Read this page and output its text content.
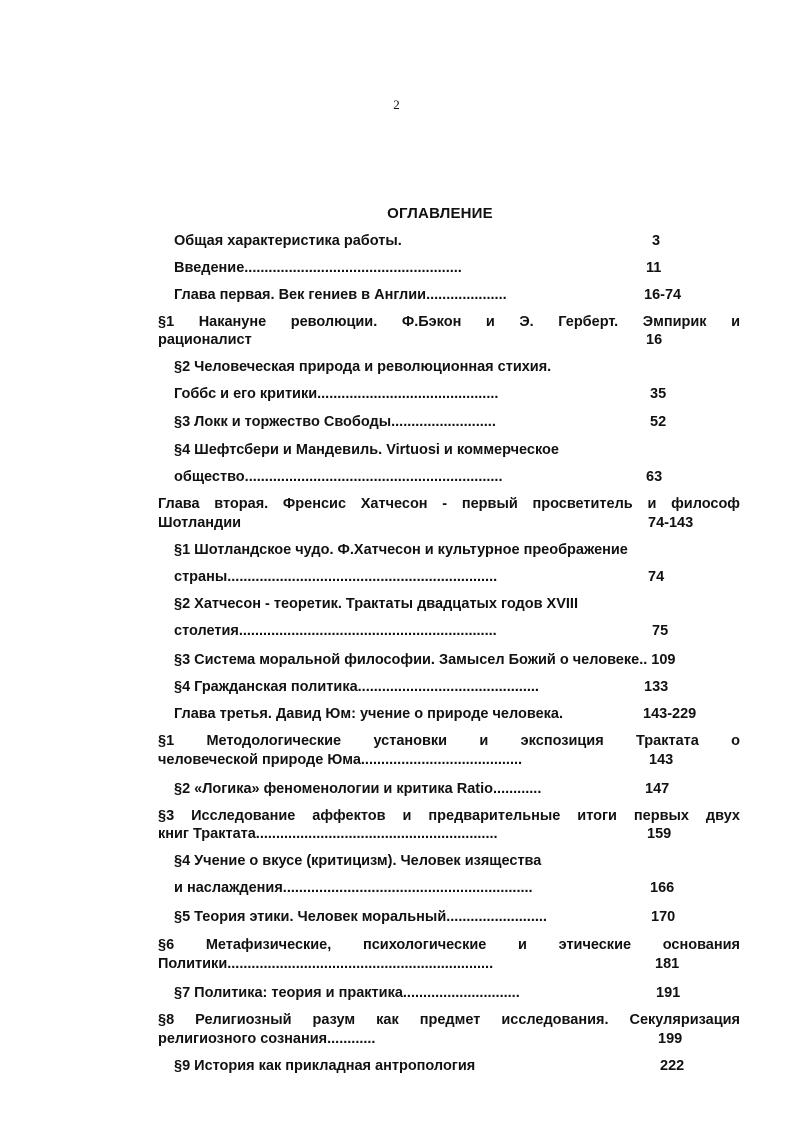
2
ОГЛАВЛЕНИЕ
Общая характеристика работы.	3
Введение......................................................	11
Глава первая. Век гениев в Англии....................	16-74
§1 Накануне революции. Ф.Бэкон и Э. Герберт. Эмпирик и
рационалист	16
§2 Человеческая природа и революционная стихия.
Гоббс и его критики.............................................	35
§3 Локк и торжество Свободы..........................	52
§4 Шефтсбери и Мандевиль. Virtuosi и коммерческое
общество................................................................	63
Глава вторая. Френсис Хатчесон - первый просветитель и философ
Шотландии	74-143
§1 Шотландское чудо. Ф.Хатчесон и культурное преображение
страны...................................................................	74
§2 Хатчесон - теоретик. Трактаты двадцатых годов XVIII
столетия................................................................	75
§3 Система моральной философии. Замысел Божий о человеке.. 109
§4 Гражданская политика.............................................	133
Глава третья. Давид Юм: учение о природе человека.	143-229
§1 Методологические установки и экспозиция Трактата о
человеческой природе Юма........................................	143
§2 «Логика» феноменологии и критика Ratio............	147
§3 Исследование аффектов и предварительные итоги первых двух
книг Трактата............................................................	159
§4 Учение о вкусе (критицизм). Человек изящества
и наслаждения..............................................................	166
§5 Теория этики. Человек моральный.........................	170
§6 Метафизические, психологические и этические основания
Политики..................................................................	181
§7 Политика: теория и практика.............................	191
§8 Религиозный разум как предмет исследования. Секуляризация
религиозного сознания............	199
§9 История как прикладная антропология	222
